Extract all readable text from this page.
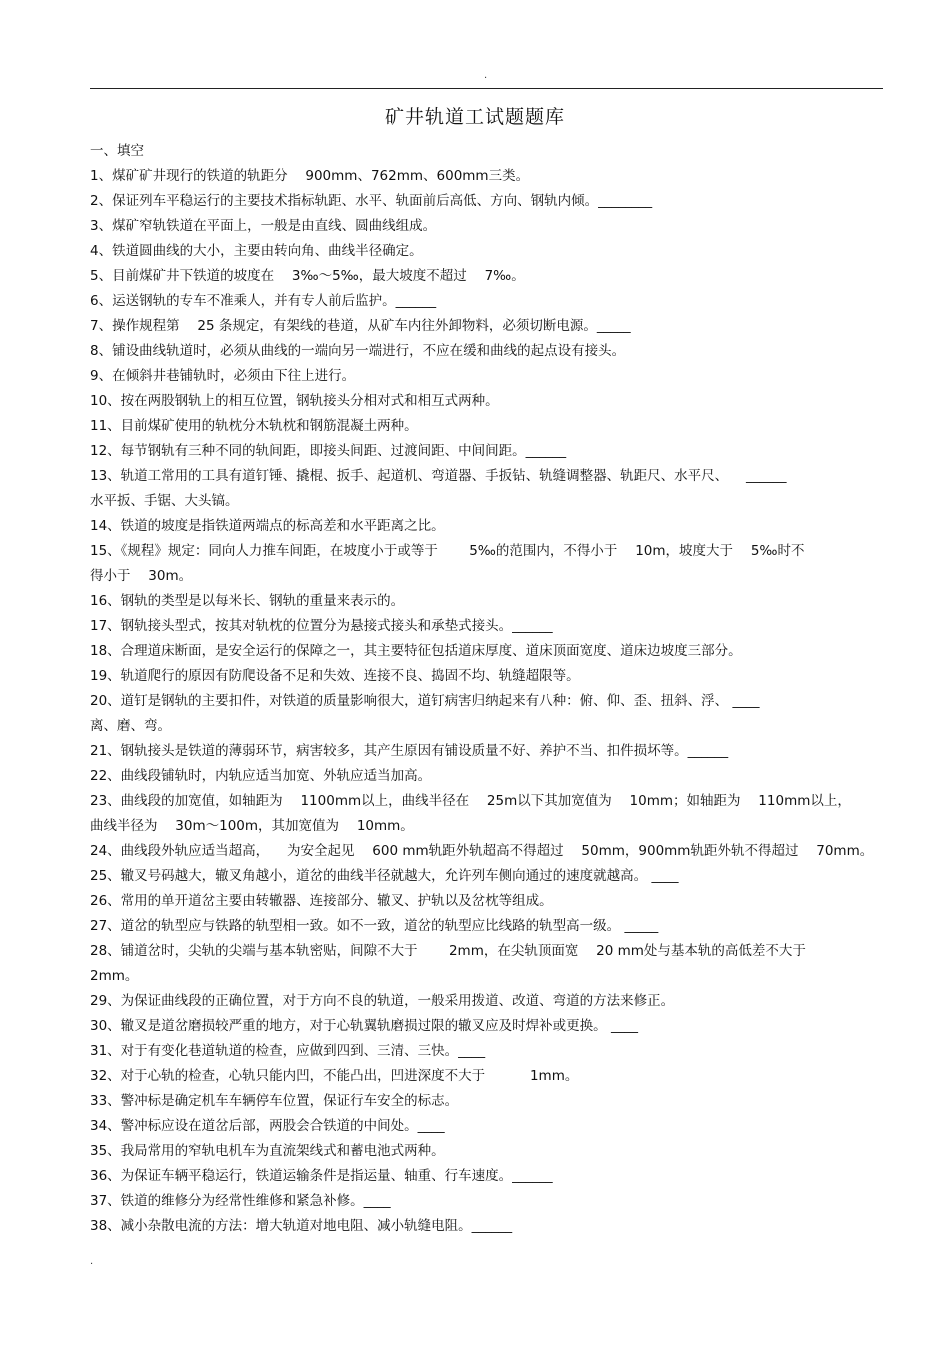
.
矿井轨道工试题题库

一、填空

1、煤矿矿井现行的铁道的轨距分 　900mm、762mm、600mm三类。

2、保证列车平稳运行的主要技术指标轨距、水平、轨面前后高低、方向、钢轨内倾。________

3、煤矿窄轨铁道在平面上，一般是由直线、圆曲线组成。

4、铁道圆曲线的大小，主要由转向角、曲线半径确定。

5、目前煤矿井下铁道的坡度在 　3‰～5‰，最大坡度不超过 　7‰。

6、运送钢轨的专车不准乘人，并有专人前后监护。______

7、操作规程第 　25 条规定，有架线的巷道，从矿车内往外卸物料，必须切断电源。_____

8、铺设曲线轨道时，必须从曲线的一端向另一端进行，不应在缓和曲线的起点设有接头。

9、在倾斜井巷铺轨时，必须由下往上进行。

10、按在两股钢轨上的相互位置，钢轨接头分相对式和相互式两种。

11、目前煤矿使用的轨枕分木轨枕和钢筋混凝土两种。

12、每节钢轨有三种不同的轨间距，即接头间距、过渡间距、中间间距。______

13、轨道工常用的工具有道钉锤、撬棍、扳手、起道机、弯道器、手扳钻、轨缝调整器、轨距尺、水平尺、 　______

水平扳、手锯、大头镐。

14、铁道的坡度是指铁道两端点的标高差和水平距离之比。

15、《规程》规定：同向人力推车间距，在坡度小于或等于 　　5‰的范围内，不得小于 　10m，坡度大于 　5‰时不

得小于 　30m。

16、钢轨的类型是以每米长、钢轨的重量来表示的。

17、钢轨接头型式，按其对轨枕的位置分为悬接式接头和承垫式接头。______

18、合理道床断面，是安全运行的保障之一，其主要特征包括道床厚度、道床顶面宽度、道床边坡度三部分。

19、轨道爬行的原因有防爬设备不足和失效、连接不良、捣固不均、轨缝超限等。

20、道钉是钢轨的主要扣件，对铁道的质量影响很大，道钉病害归纳起来有八种：俯、仰、歪、扭斜、浮、 ____

离、磨、弯。

21、钢轨接头是铁道的薄弱环节，病害较多，其产生原因有铺设质量不好、养护不当、扣件损坏等。______

22、曲线段铺轨时，内轨应适当加宽、外轨应适当加高。

23、曲线段的加宽值，如轴距为 　1100mm以上，曲线半径在 　25m以下其加宽值为 　10mm；如轴距为 　110mm以上，

曲线半径为 　30m～100m，其加宽值为 　10mm。

24、曲线段外轨应适当超高， 　为安全起见 　600 mm轨距外轨超高不得超过 　50mm，900mm轨距外轨不得超过 　70mm。

25、辙叉号码越大，辙叉角越小，道岔的曲线半径就越大，允许列车侧向通过的速度就越高。 ____

26、常用的单开道岔主要由转辙器、连接部分、辙叉、护轨以及岔枕等组成。

27、道岔的轨型应与铁路的轨型相一致。如不一致，道岔的轨型应比线路的轨型高一级。 _____

28、铺道岔时，尖轨的尖端与基本轨密贴，间隙不大于 　　2mm，在尖轨顶面宽 　20 mm处与基本轨的高低差不大于

2mm。

29、为保证曲线段的正确位置，对于方向不良的轨道，一般采用拨道、改道、弯道的方法来修正。

30、辙叉是道岔磨损较严重的地方，对于心轨翼轨磨损过限的辙叉应及时焊补或更换。 ____

31、对于有变化巷道轨道的检查，应做到四到、三清、三快。____

32、对于心轨的检查，心轨只能内凹，不能凸出，凹进深度不大于 　　　1mm。

33、警冲标是确定机车车辆停车位置，保证行车安全的标志。

34、警冲标应设在道岔后部，两股会合铁道的中间处。____

35、我局常用的窄轨电机车为直流架线式和蓄电池式两种。

36、为保证车辆平稳运行，铁道运输条件是指运量、轴重、行车速度。______

37、铁道的维修分为经常性维修和紧急补修。____

38、减小杂散电流的方法：增大轨道对地电阻、减小轨缝电阻。______

.
